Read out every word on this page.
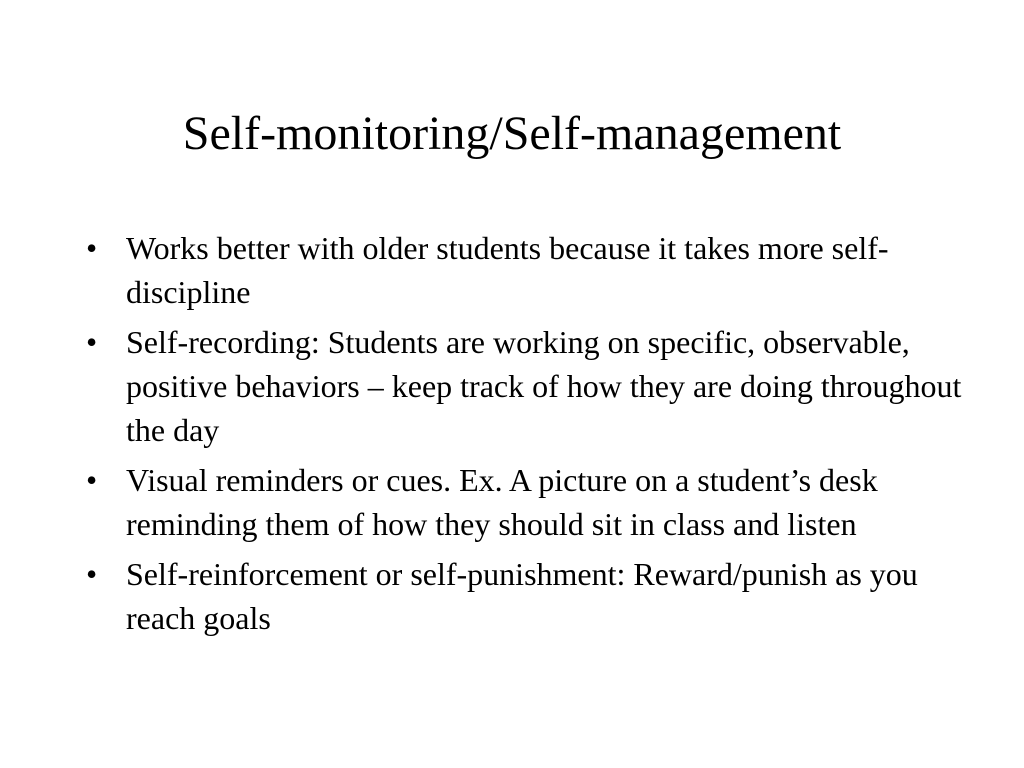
Self-monitoring/Self-management
• Works better with older students because it takes more self-discipline
• Self-recording: Students are working on specific, observable, positive behaviors – keep track of how they are doing throughout the day
• Visual reminders or cues. Ex. A picture on a student’s desk reminding them of how they should sit in class and listen
• Self-reinforcement or self-punishment: Reward/punish as you reach goals
